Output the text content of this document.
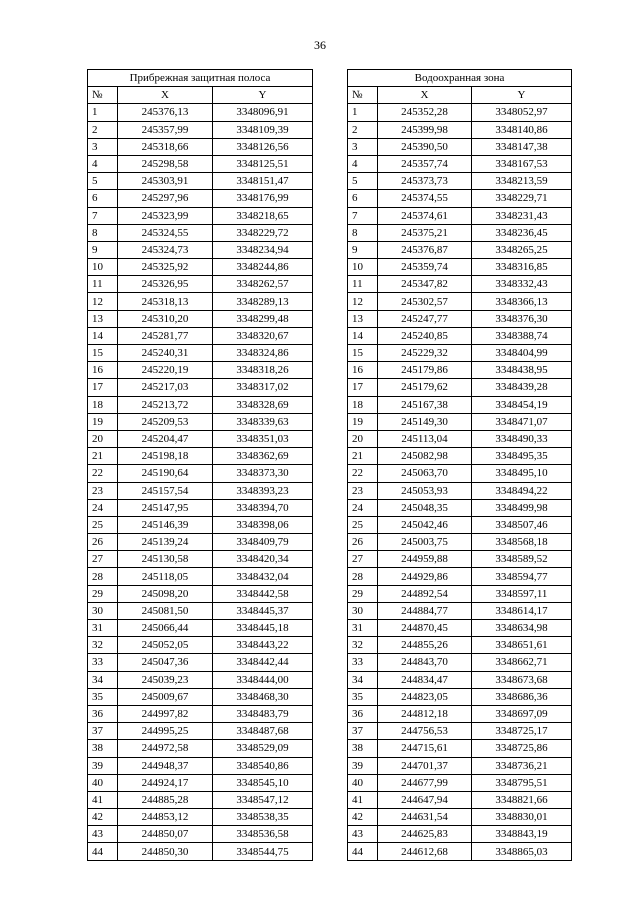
36
Прибрежная защитная полоса		
№	X	Y
1	245376,13	3348096,91
2	245357,99	3348109,39
3	245318,66	3348126,56
4	245298,58	3348125,51
5	245303,91	3348151,47
6	245297,96	3348176,99
7	245323,99	3348218,65
8	245324,55	3348229,72
9	245324,73	3348234,94
10	245325,92	3348244,86
11	245326,95	3348262,57
12	245318,13	3348289,13
13	245310,20	3348299,48
14	245281,77	3348320,67
15	245240,31	3348324,86
16	245220,19	3348318,26
17	245217,03	3348317,02
18	245213,72	3348328,69
19	245209,53	3348339,63
20	245204,47	3348351,03
21	245198,18	3348362,69
22	245190,64	3348373,30
23	245157,54	3348393,23
24	245147,95	3348394,70
25	245146,39	3348398,06
26	245139,24	3348409,79
27	245130,58	3348420,34
28	245118,05	3348432,04
29	245098,20	3348442,58
30	245081,50	3348445,37
31	245066,44	3348445,18
32	245052,05	3348443,22
33	245047,36	3348442,44
34	245039,23	3348444,00
35	245009,67	3348468,30
36	244997,82	3348483,79
37	244995,25	3348487,68
38	244972,58	3348529,09
39	244948,37	3348540,86
40	244924,17	3348545,10
41	244885,28	3348547,12
42	244853,12	3348538,35
43	244850,07	3348536,58
44	244850,30	3348544,75
Водоохранная зона		
№	X	Y
1	245352,28	3348052,97
2	245399,98	3348140,86
3	245390,50	3348147,38
4	245357,74	3348167,53
5	245373,73	3348213,59
6	245374,55	3348229,71
7	245374,61	3348231,43
8	245375,21	3348236,45
9	245376,87	3348265,25
10	245359,74	3348316,85
11	245347,82	3348332,43
12	245302,57	3348366,13
13	245247,77	3348376,30
14	245240,85	3348388,74
15	245229,32	3348404,99
16	245179,86	3348438,95
17	245179,62	3348439,28
18	245167,38	3348454,19
19	245149,30	3348471,07
20	245113,04	3348490,33
21	245082,98	3348495,35
22	245063,70	3348495,10
23	245053,93	3348494,22
24	245048,35	3348499,98
25	245042,46	3348507,46
26	245003,75	3348568,18
27	244959,88	3348589,52
28	244929,86	3348594,77
29	244892,54	3348597,11
30	244884,77	3348614,17
31	244870,45	3348634,98
32	244855,26	3348651,61
33	244843,70	3348662,71
34	244834,47	3348673,68
35	244823,05	3348686,36
36	244812,18	3348697,09
37	244756,53	3348725,17
38	244715,61	3348725,86
39	244701,37	3348736,21
40	244677,99	3348795,51
41	244647,94	3348821,66
42	244631,54	3348830,01
43	244625,83	3348843,19
44	244612,68	3348865,03
